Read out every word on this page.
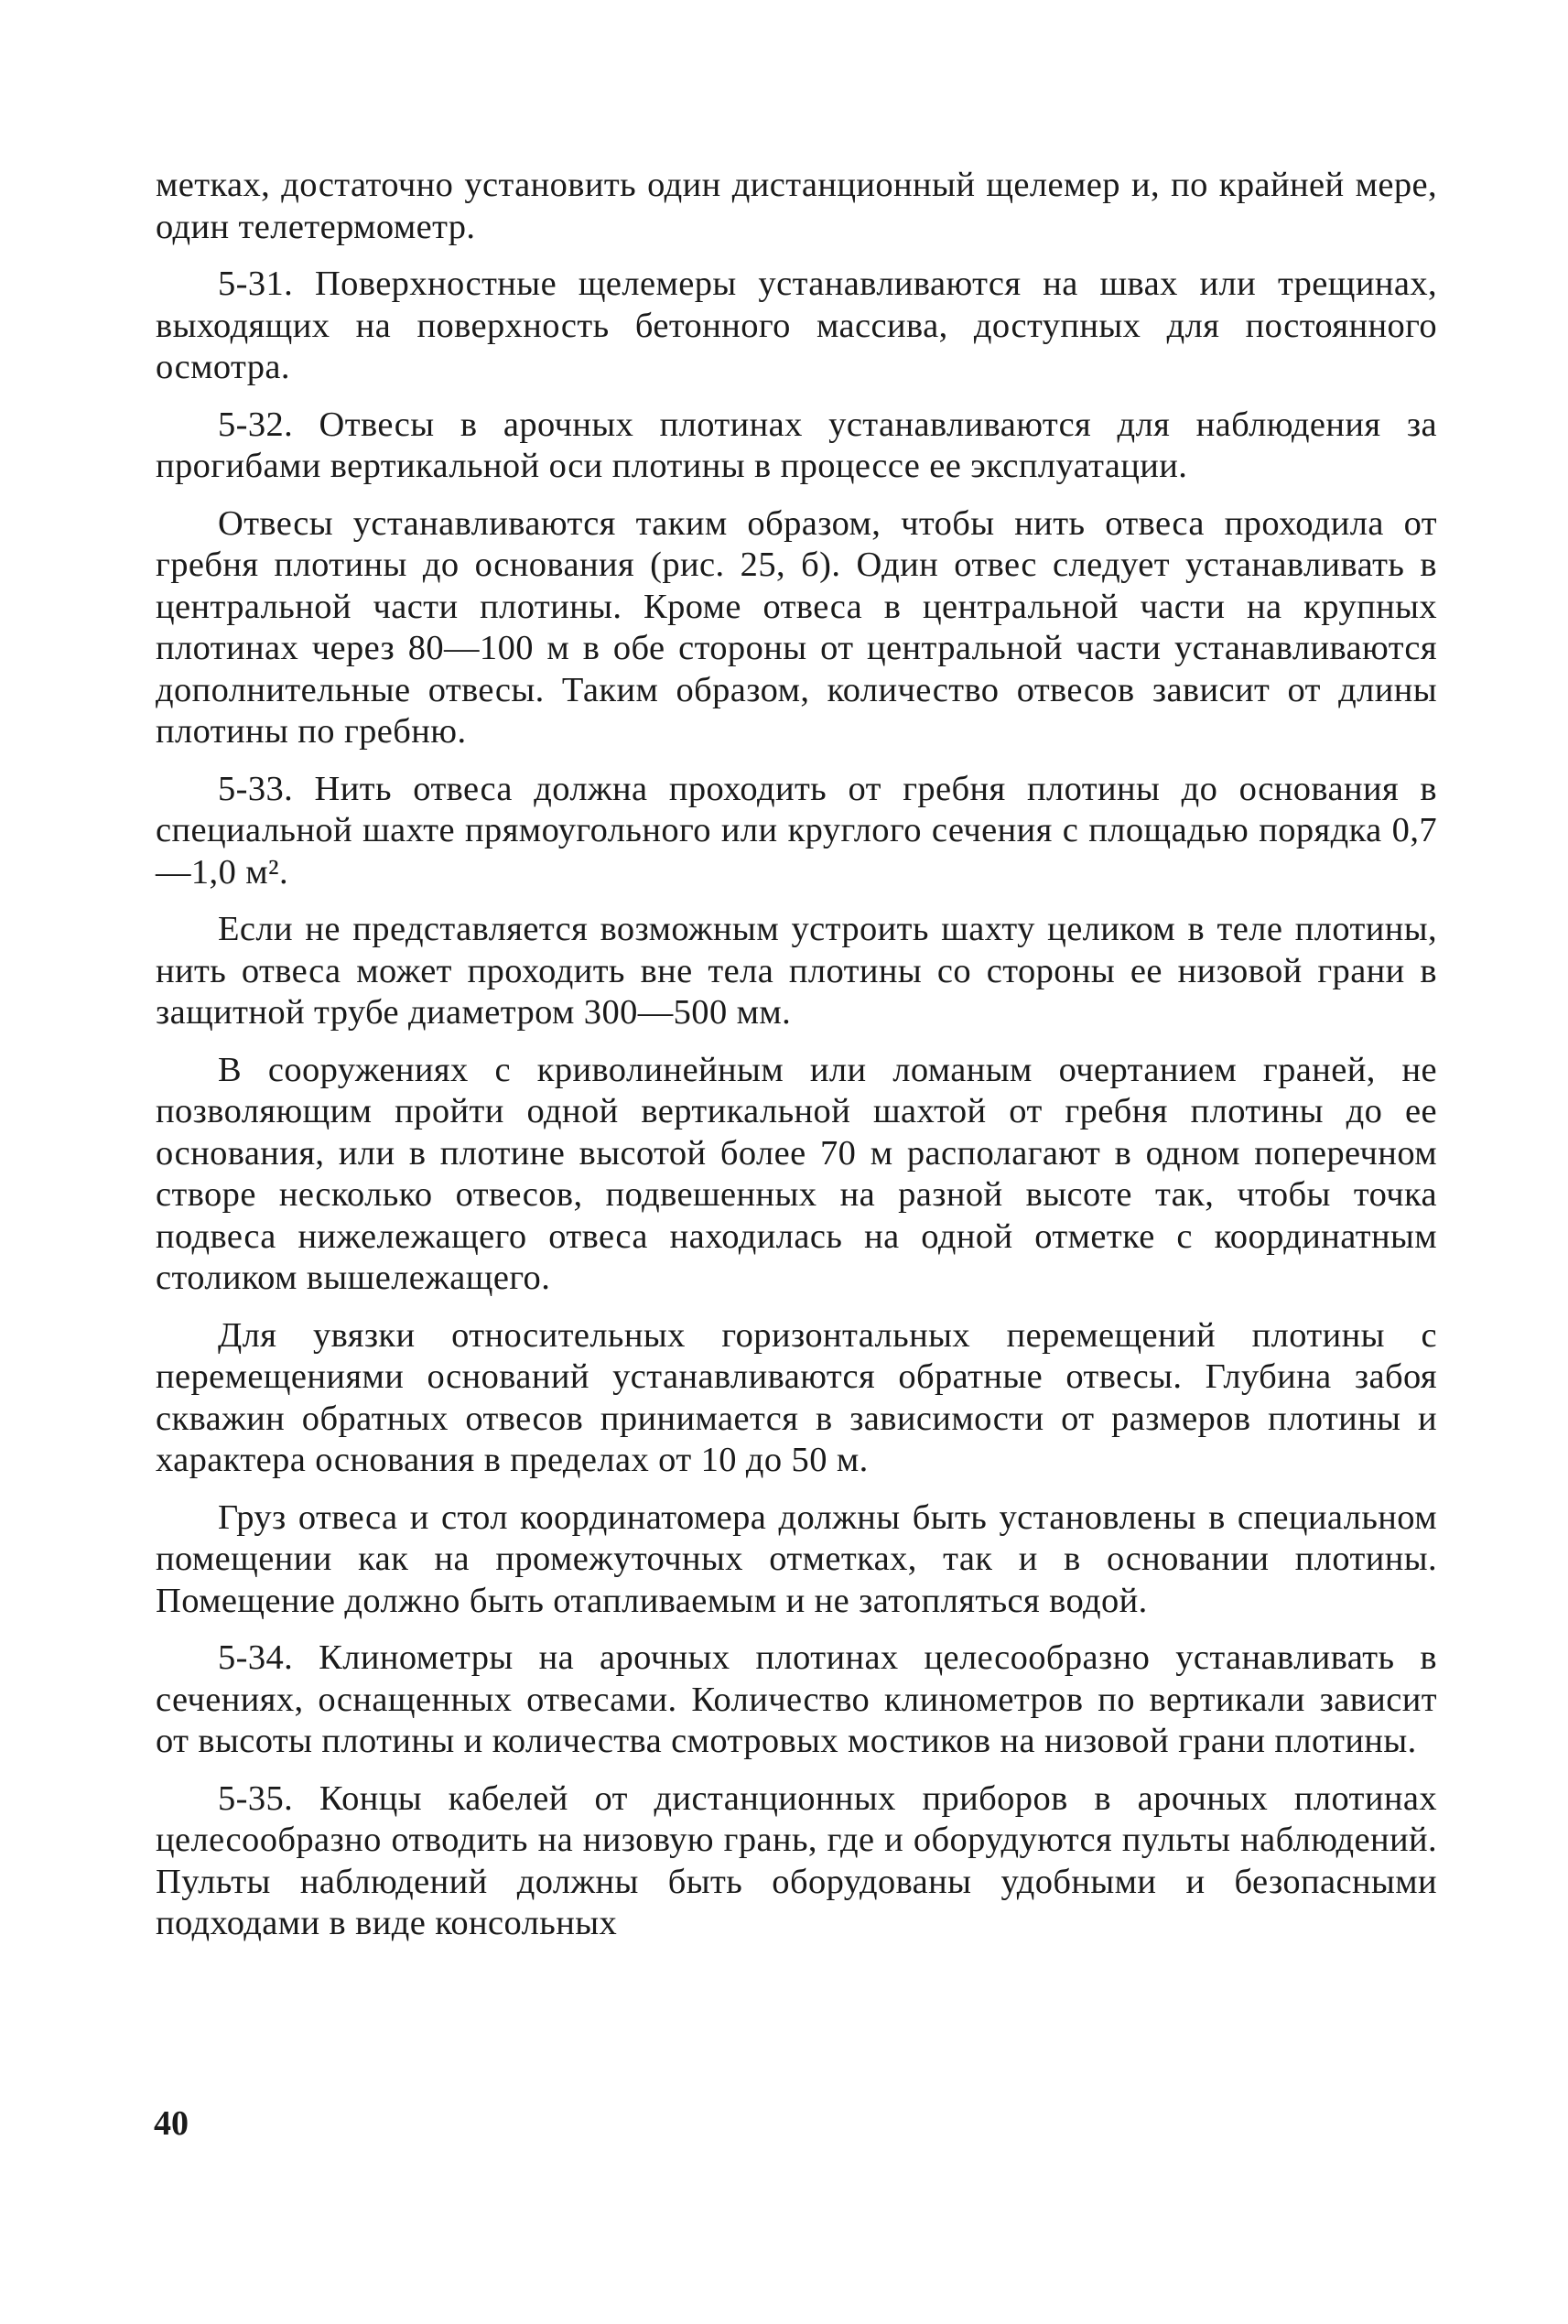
метках, достаточно установить один дистанционный щелемер и, по крайней мере, один телетермометр.

5-31. Поверхностные щелемеры устанавливаются на швах или трещинах, выходящих на поверхность бетонного массива, доступных для постоянного осмотра.

5-32. Отвесы в арочных плотинах устанавливаются для наблюдения за прогибами вертикальной оси плотины в процессе ее эксплуатации.

Отвесы устанавливаются таким образом, чтобы нить отвеса проходила от гребня плотины до основания (рис. 25, б). Один отвес следует устанавливать в центральной части плотины. Кроме отвеса в центральной части на крупных плотинах через 80—100 м в обе стороны от центральной части устанавливаются дополнительные отвесы. Таким образом, количество отвесов зависит от длины плотины по гребню.

5-33. Нить отвеса должна проходить от гребня плотины до основания в специальной шахте прямоугольного или круглого сечения с площадью порядка 0,7—1,0 м².

Если не представляется возможным устроить шахту целиком в теле плотины, нить отвеса может проходить вне тела плотины со стороны ее низовой грани в защитной трубе диаметром 300—500 мм.

В сооружениях с криволинейным или ломаным очертанием граней, не позволяющим пройти одной вертикальной шахтой от гребня плотины до ее основания, или в плотине высотой более 70 м располагают в одном поперечном створе несколько отвесов, подвешенных на разной высоте так, чтобы точка подвеса нижележащего отвеса находилась на одной отметке с координатным столиком вышележащего.

Для увязки относительных горизонтальных перемещений плотины с перемещениями оснований устанавливаются обратные отвесы. Глубина забоя скважин обратных отвесов принимается в зависимости от размеров плотины и характера основания в пределах от 10 до 50 м.

Груз отвеса и стол координатомера должны быть установлены в специальном помещении как на промежуточных отметках, так и в основании плотины. Помещение должно быть отапливаемым и не затопляться водой.

5-34. Клинометры на арочных плотинах целесообразно устанавливать в сечениях, оснащенных отвесами. Количество клинометров по вертикали зависит от высоты плотины и количества смотровых мостиков на низовой грани плотины.

5-35. Концы кабелей от дистанционных приборов в арочных плотинах целесообразно отводить на низовую грань, где и оборудуются пульты наблюдений. Пульты наблюдений должны быть оборудованы удобными и безопасными подходами в виде консольных

40
